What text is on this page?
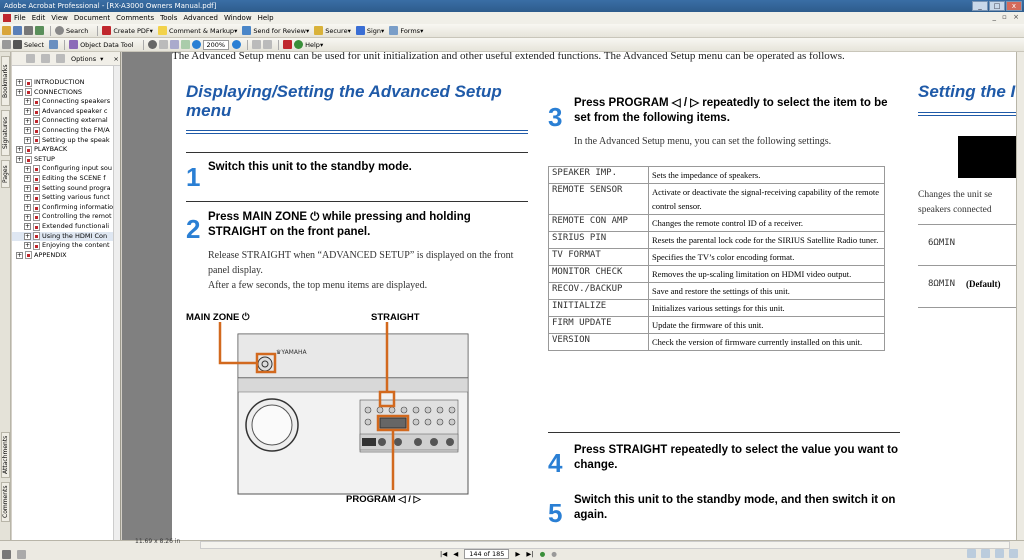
Adobe Acrobat Professional - [RX-A3000 Owners Manual.pdf]	_	□	x
File Edit View Document Comments Tools Advanced Window Help	_ ▫ ×
Search	Create PDF ▾ Comment & Markup ▾ Send for Review ▾ Secure ▾ Sign ▾ Forms ▾
Select	Object Data Tool	200%	Help ▾
Bookmarks
Signatures
Pages
Attachments
Comments
Options ▾ ×
+ INTRODUCTION
+ CONNECTIONS
+ Connecting speakers
+ Advanced speaker c
+ Connecting external
+ Connecting the FM/A
+ Setting up the speak
+ PLAYBACK
+ SETUP
+ Configuring input sou
+ Editing the SCENE f
+ Setting sound progra
+ Setting various funct
+ Confirming informatio
+ Controlling the remot
+ Extended functionali
+ Using the HDMI Con
+ Enjoying the content
+ APPENDIX
The Advanced Setup menu can be used for unit initialization and other useful extended functions. The Advanced Setup menu can be operated as follows.
Displaying/Setting the Advanced Setup menu
1 Switch this unit to the standby mode.
2 Press MAIN ZONE ⏻ while pressing and holding STRAIGHT on the front panel.
Release STRAIGHT when “ADVANCED SETUP” is displayed on the front panel display.
After a few seconds, the top menu items are displayed.
MAIN ZONE ⏻	STRAIGHT
PROGRAM ◁ / ▷
♛YAMAHA
3 Press PROGRAM ◁ / ▷ repeatedly to select the item to be set from the following items.
In the Advanced Setup menu, you can set the following settings.
SPEAKER IMP.	Sets the impedance of speakers.
REMOTE SENSOR	Activate or deactivate the signal-receiving capability of the remote control sensor.
REMOTE CON AMP	Changes the remote control ID of a receiver.
SIRIUS PIN	Resets the parental lock code for the SIRIUS Satellite Radio tuner.
TV FORMAT	Specifies the TV’s color encoding format.
MONITOR CHECK	Removes the up-scaling limitation on HDMI video output.
RECOV./BACKUP	Save and restore the settings of this unit.
INITIALIZE	Initializes various settings for this unit.
FIRM UPDATE	Update the firmware of this unit.
VERSION	Check the version of firmware currently installed on this unit.
4 Press STRAIGHT repeatedly to select the value you want to change.
5 Switch this unit to the standby mode, and then switch it on again.
Setting the I
Changes the unit se speakers connected
6ΩMIN
8ΩMIN (Default)
11.69 x 8.26 in
|◀ ◀	144 of 185	▶ ▶| ● ●
